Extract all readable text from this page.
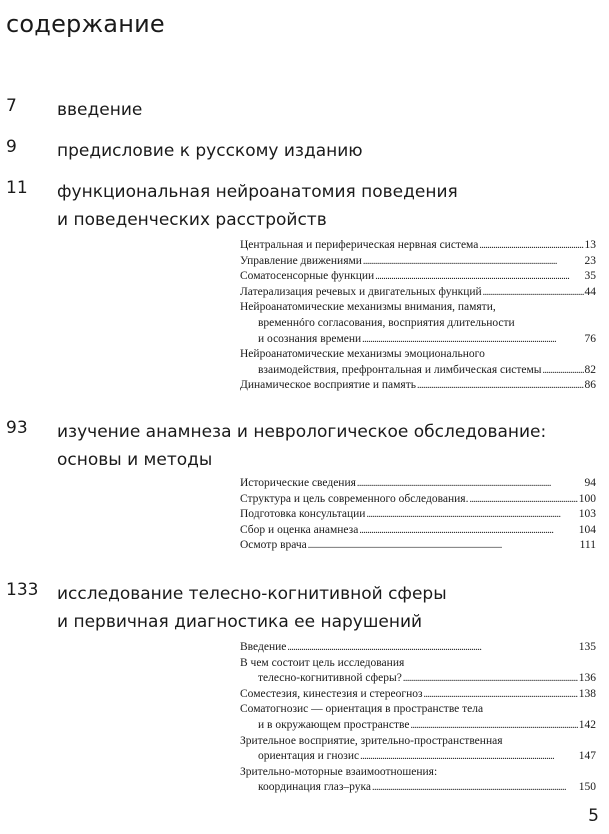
содержание
7 введение
9 предисловие к русскому изданию
11 функциональная нейроанатомия поведения
и поведенческих расстройств
Центральная и периферическая нервная система . . .	13
Управление движениями . . .	23
Соматосенсорные функции . . .	35
Латерализация речевых и двигательных функций . . .	44
Нейроанатомические механизмы внимания, памяти,
временнóго согласования, восприятия длительности
и осознания времени . . .	76
Нейроанатомические механизмы эмоционального
взаимодействия, префронтальная и лимбическая системы . . .	82
Динамическое восприятие и память . . .	86
93 изучение анамнеза и неврологическое обследование:
основы и методы
Исторические сведения . . .	94
Структура и цель современного обследования. . . .	100
Подготовка консультации . . .	103
Сбор и оценка анамнеза . . .	104
Осмотр врача . . .	111
133 исследование телесно-когнитивной сферы
и первичная диагностика ее нарушений
Введение . . .	135
В чем состоит цель исследования
телесно-когнитивной сферы? . . .	136
Соместезия, кинестезия и стереогноз . . .	138
Соматогнозис — ориентация в пространстве тела
и в окружающем пространстве . . .	142
Зрительное восприятие, зрительно-пространственная
ориентация и гнозис . . .	147
Зрительно-моторные взаимоотношения:
координация глаз–рука . . .	150
5
